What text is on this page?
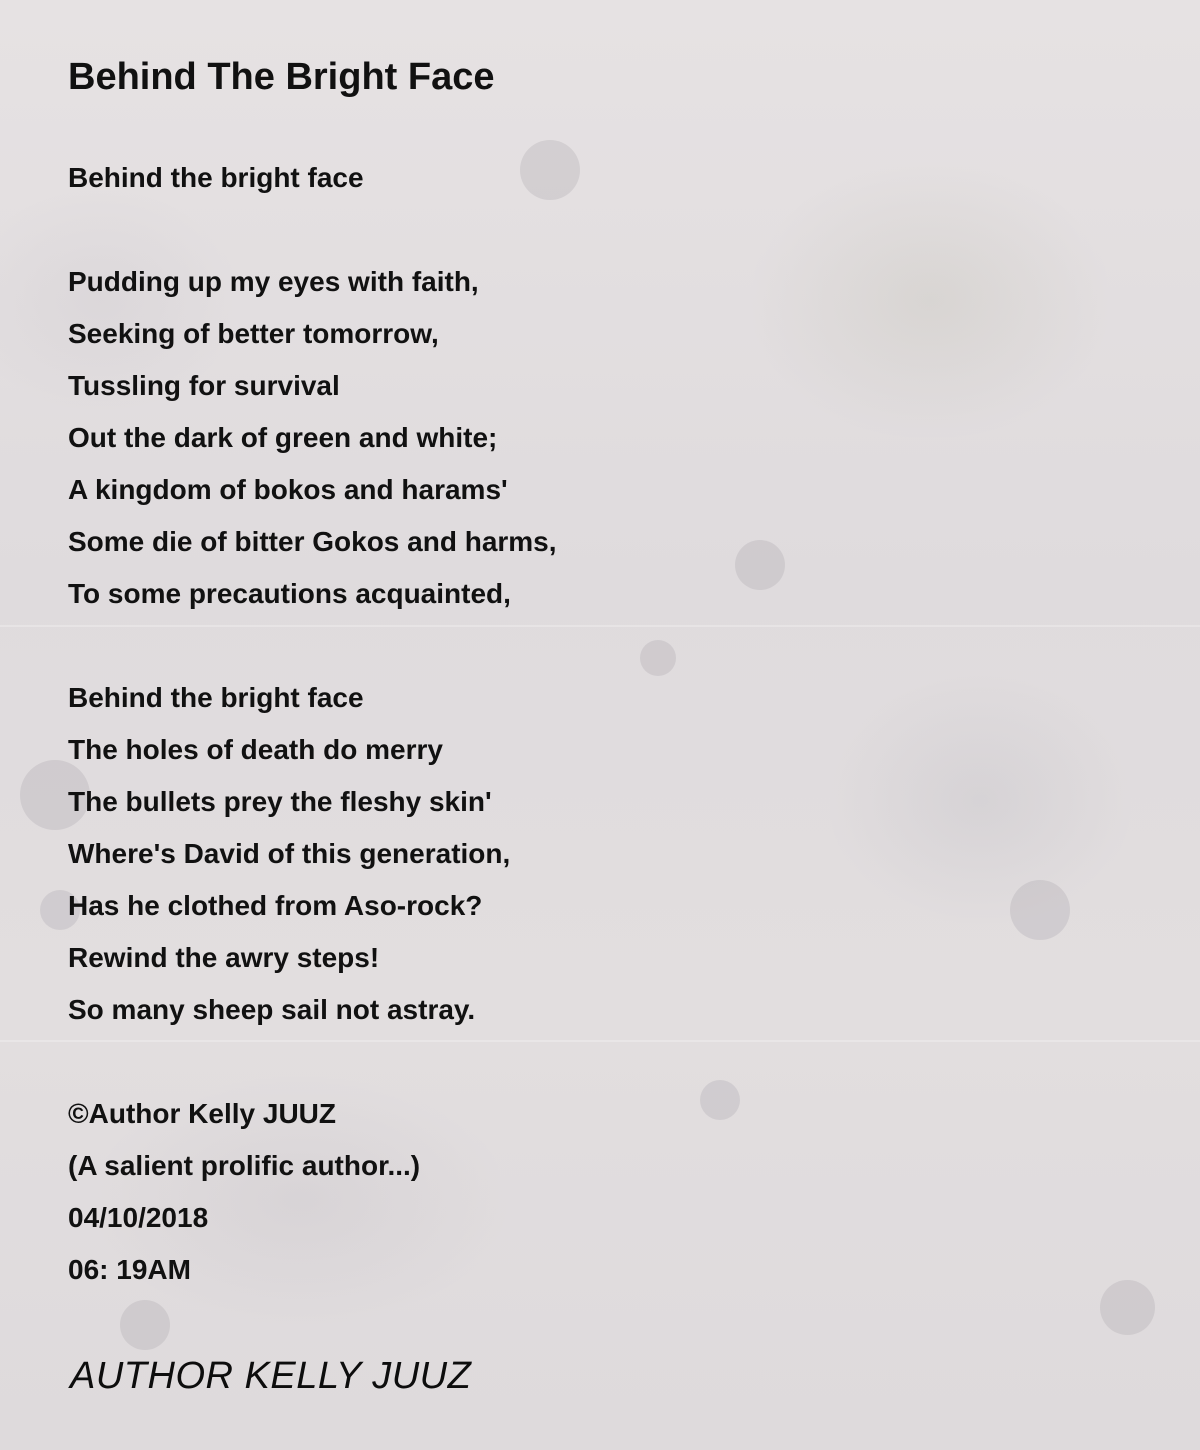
Behind The Bright Face
Behind the bright face
Pudding up my eyes with faith,
Seeking of better tomorrow,
Tussling for survival
Out the dark of green and white;
A kingdom of bokos and harams'
Some die of bitter Gokos and harms,
To some precautions acquainted,
Behind the bright face
The holes of death do merry
The bullets prey the fleshy skin'
Where's David of this generation,
Has he clothed from Aso-rock?
Rewind the awry steps!
So many sheep sail not astray.
©Author Kelly JUUZ
(A salient prolific author...)
04/10/2018
06: 19AM
AUTHOR KELLY JUUZ
